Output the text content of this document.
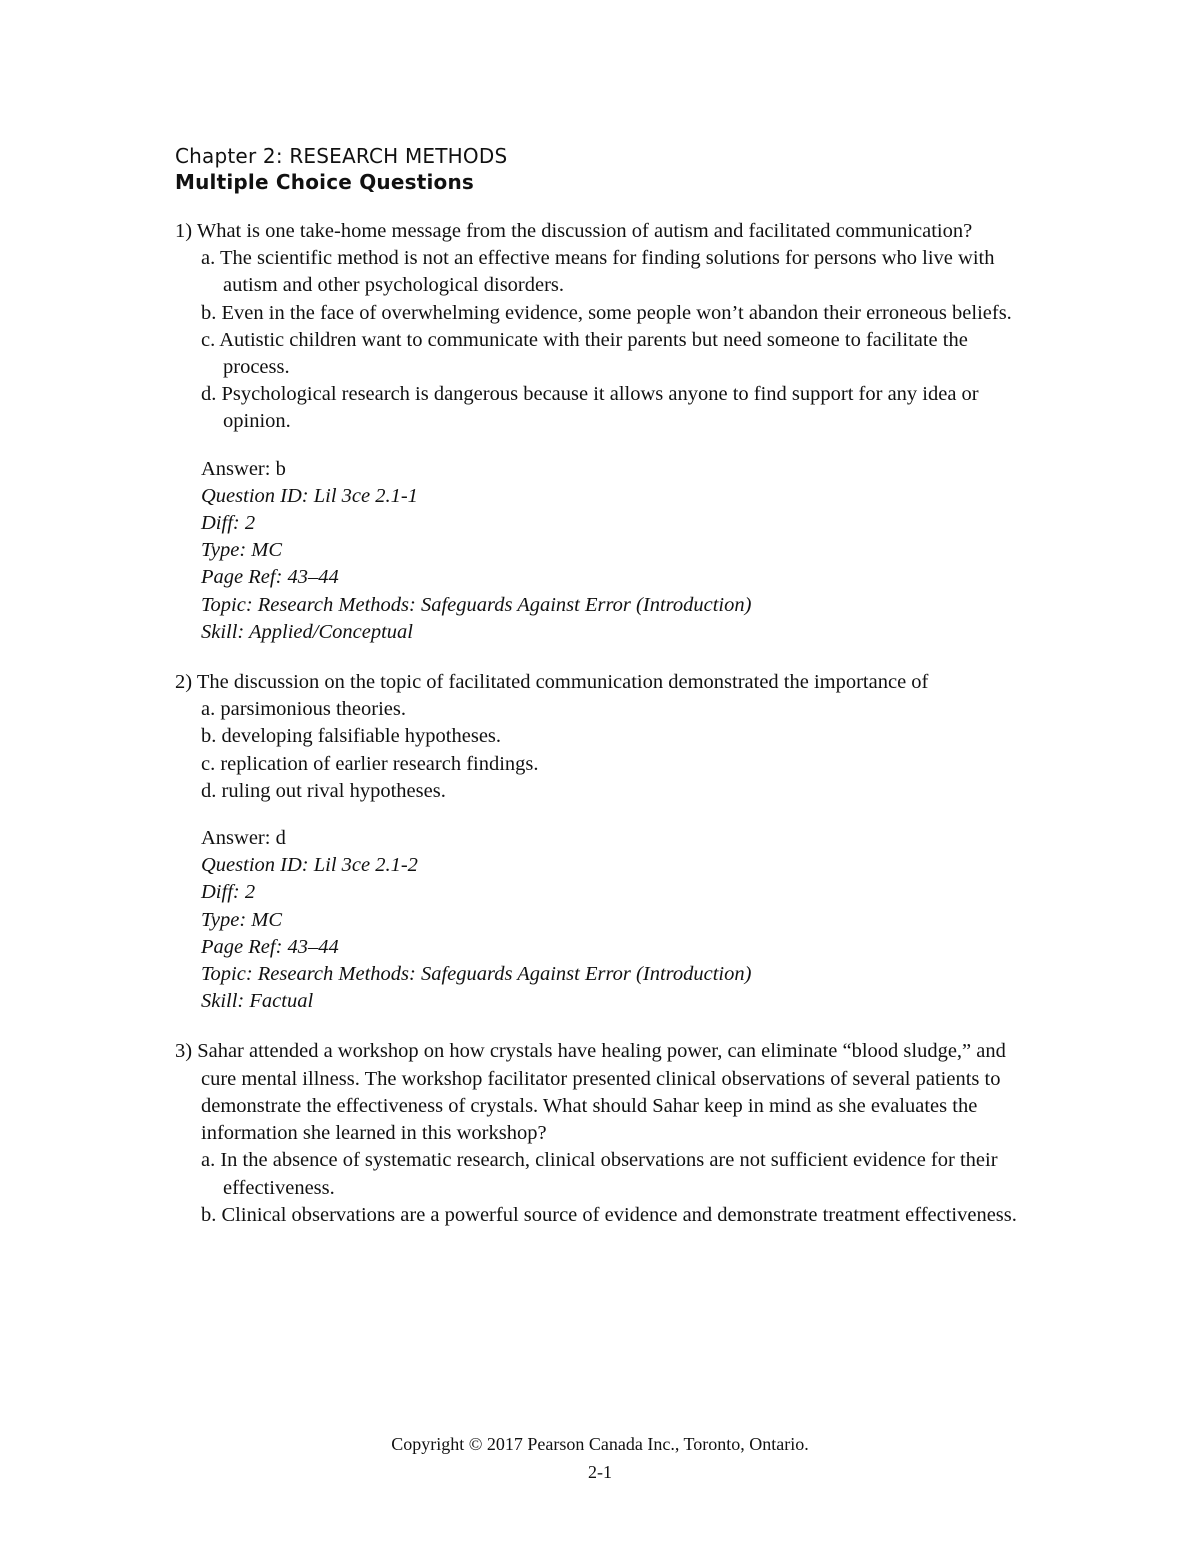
Chapter 2: RESEARCH METHODS
Multiple Choice Questions
1) What is one take-home message from the discussion of autism and facilitated communication?
a. The scientific method is not an effective means for finding solutions for persons who live with autism and other psychological disorders.
b. Even in the face of overwhelming evidence, some people won’t abandon their erroneous beliefs.
c. Autistic children want to communicate with their parents but need someone to facilitate the process.
d. Psychological research is dangerous because it allows anyone to find support for any idea or opinion.
Answer: b
Question ID: Lil 3ce 2.1-1
Diff: 2
Type: MC
Page Ref: 43–44
Topic: Research Methods: Safeguards Against Error (Introduction)
Skill: Applied/Conceptual
2) The discussion on the topic of facilitated communication demonstrated the importance of
a. parsimonious theories.
b. developing falsifiable hypotheses.
c. replication of earlier research findings.
d. ruling out rival hypotheses.
Answer: d
Question ID: Lil 3ce 2.1-2
Diff: 2
Type: MC
Page Ref: 43–44
Topic: Research Methods: Safeguards Against Error (Introduction)
Skill: Factual
3) Sahar attended a workshop on how crystals have healing power, can eliminate “blood sludge,” and cure mental illness. The workshop facilitator presented clinical observations of several patients to demonstrate the effectiveness of crystals. What should Sahar keep in mind as she evaluates the information she learned in this workshop?
a. In the absence of systematic research, clinical observations are not sufficient evidence for their effectiveness.
b. Clinical observations are a powerful source of evidence and demonstrate treatment effectiveness.
Copyright © 2017 Pearson Canada Inc., Toronto, Ontario.
2-1
